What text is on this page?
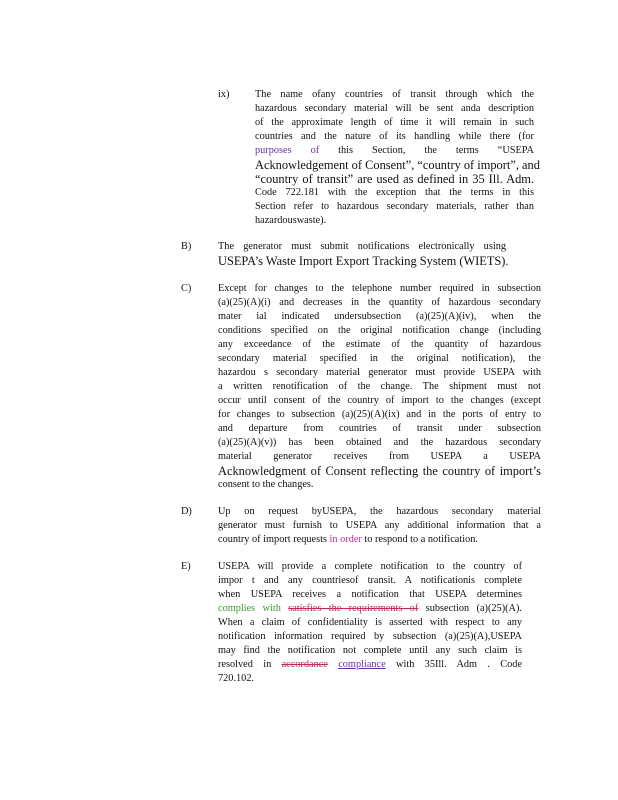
ix) The name ofany countries of transit through which the
hazardous secondary material will be sent anda description
of the approximate length of time it will remain in such
countries and the nature of its handling while there (for
purposes of this Section, the terms “USEPA
Acknowledgement of Consent”, “country of import”, and
“country of transit” are used as defined in 35 Ill. Adm.
Code 722.181 with the exception that the terms in this
Section refer to hazardous secondary materials, rather than
hazardouswaste).
B)	The generator must submit notifications electronically using
USEPA’s Waste Import Export Tracking System (WIETS).
C)	Except for changes to the telephone number required in subsection
(a)(25)(A)(i) and decreases in the quantity of hazardous secondary
mater ial indicated undersubsection (a)(25)(A)(iv), when the
conditions specified on the original notification change (including
any exceedance of the estimate of the quantity of hazardous
secondary material specified in the original notification), the
hazardou s secondary material generator must provide USEPA with
a written renotification of the change. The shipment must not
occur until consent of the country of import to the changes (except
for changes to subsection (a)(25)(A)(ix) and in the ports of entry to
and departure from countries of transit under subsection
(a)(25)(A)(v)) has been obtained and the hazardous secondary
material generator receives from USEPA a USEPA
Acknowledgment of Consent reflecting the country of import’s
consent to the changes.
D)	Up on request byUSEPA, the hazardous secondary material
generator must furnish to USEPA any additional information that a
country of import requests in order to respond to a notification.
E)	USEPA will provide a complete notification to the country of
impor t and any countriesof transit. A notificationis complete
when USEPA receives a notification that USEPA determines
complies with satisfies the requirements of subsection (a)(25)(A).
When a claim of confidentiality is asserted with respect to any
notification information required by subsection (a)(25)(A),USEPA
may find the notification not complete until any such claim is
resolved in accordance compliance with 35Ill. Adm . Code
720.102.
